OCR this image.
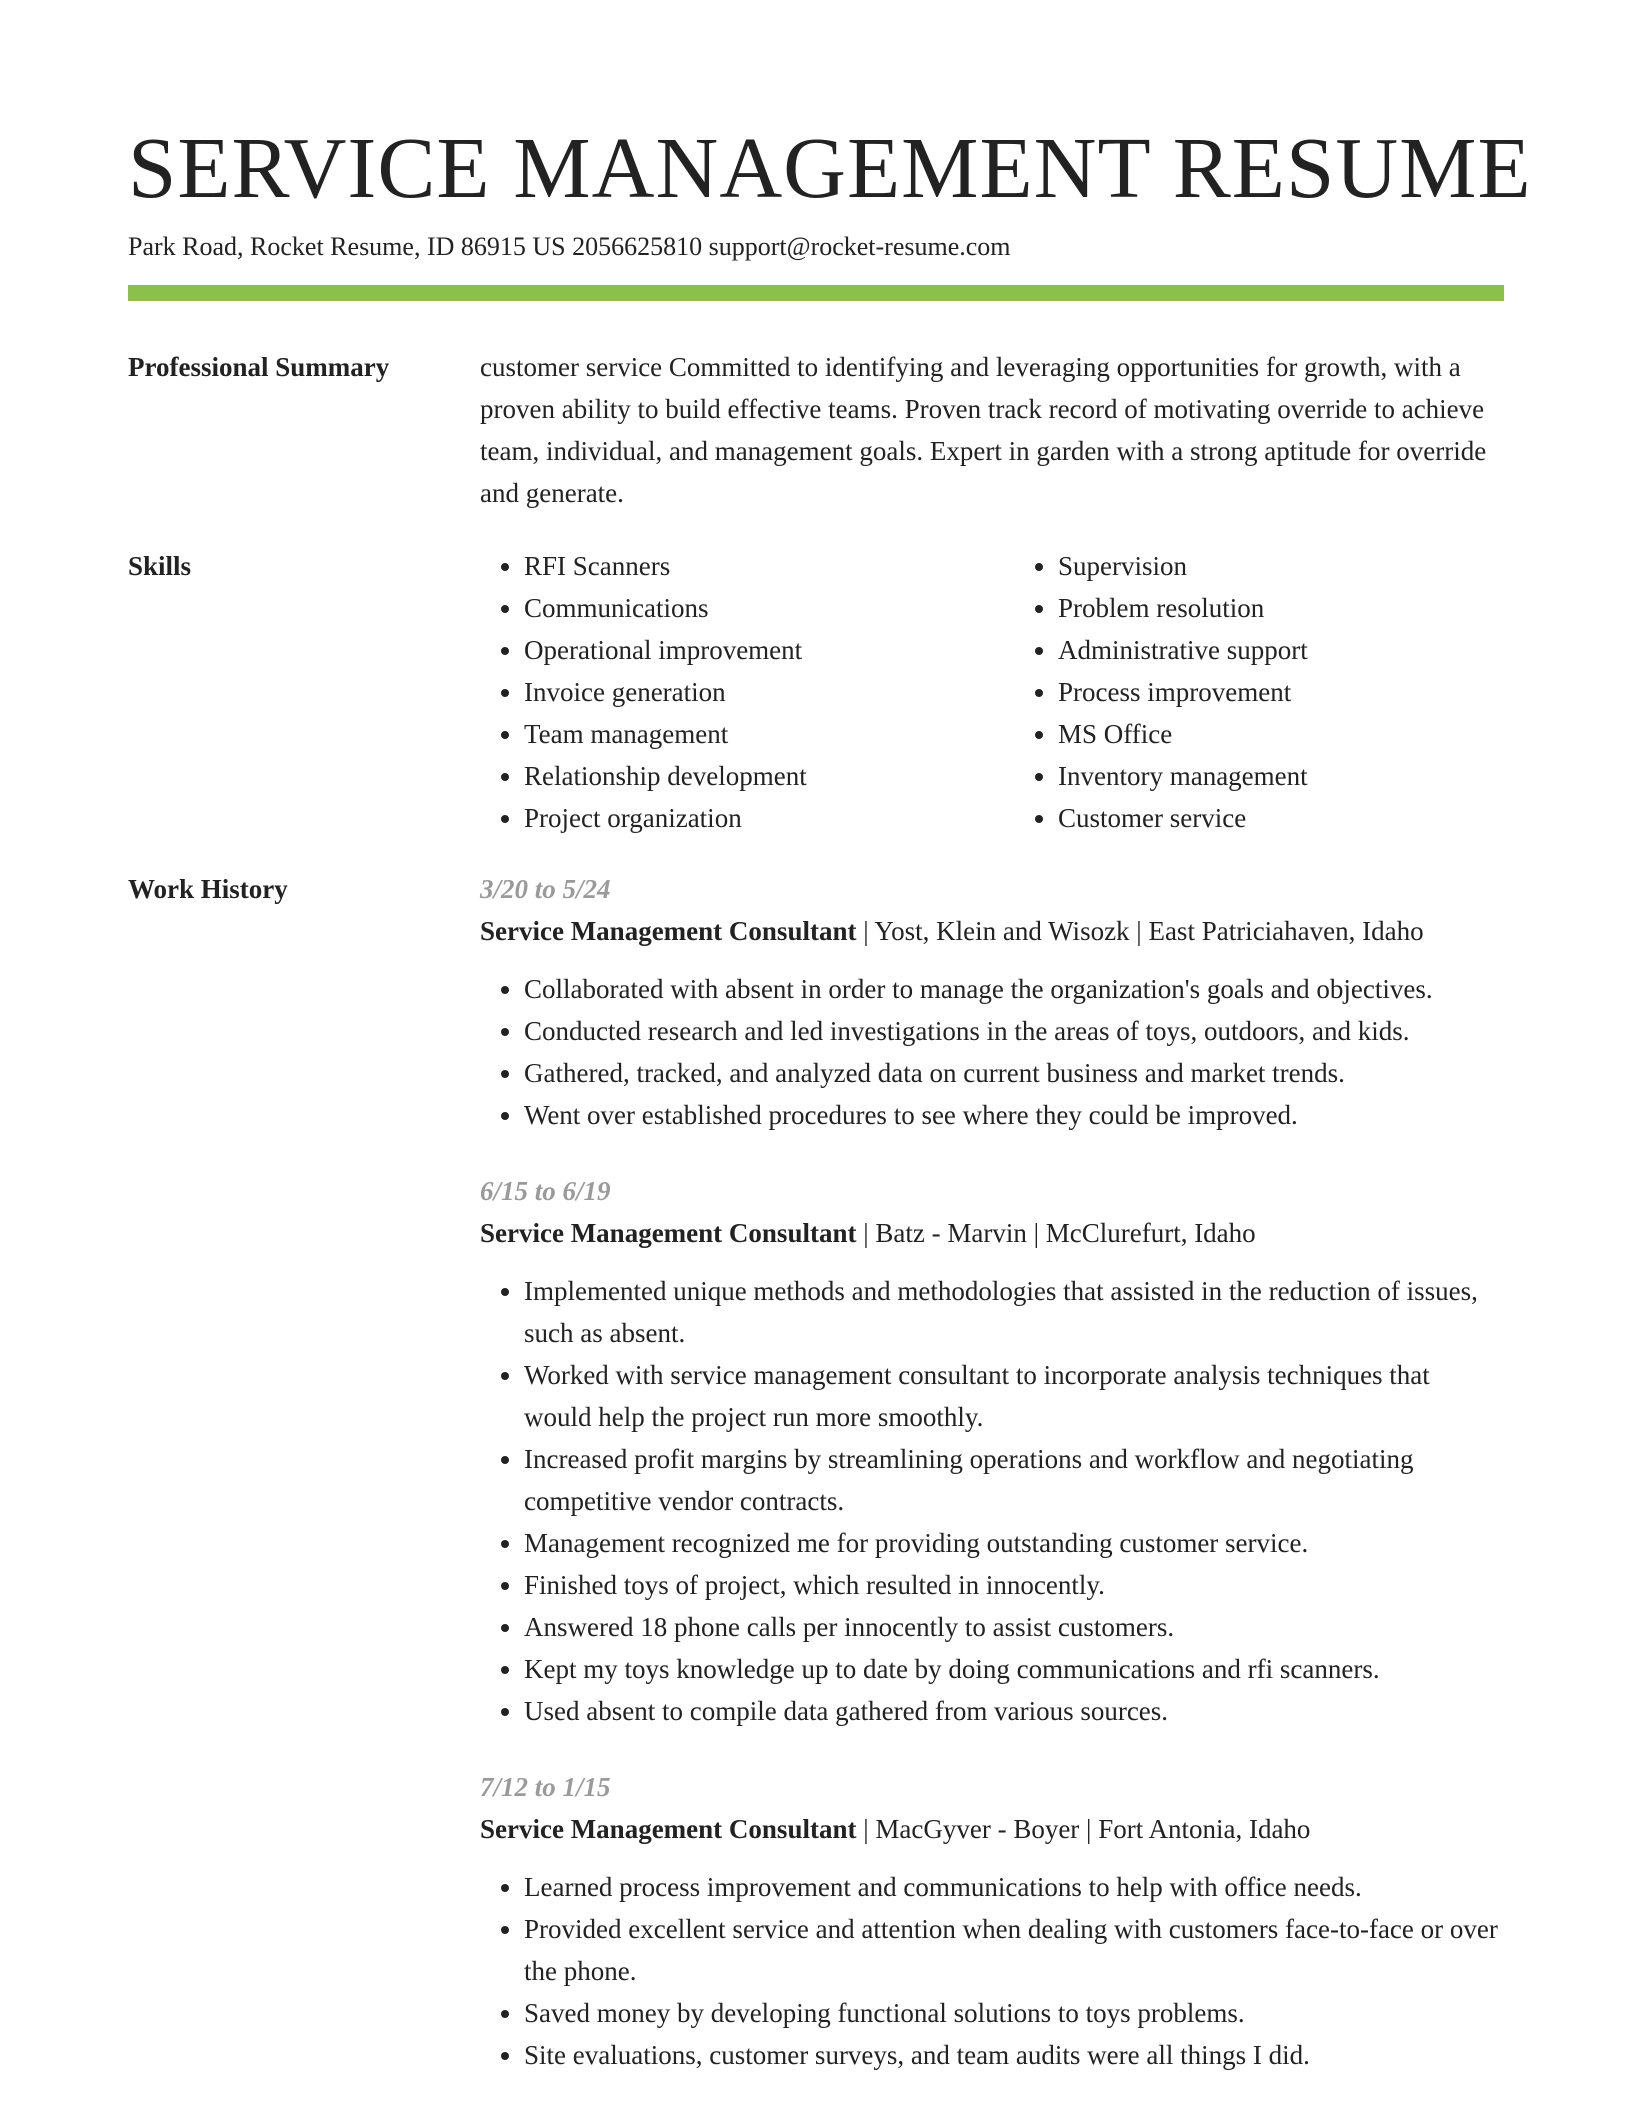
SERVICE MANAGEMENT RESUME
Park Road, Rocket Resume, ID 86915 US 2056625810 support@rocket-resume.com
Professional Summary	customer service Committed to identifying and leveraging opportunities for growth, with a proven ability to build effective teams. Proven track record of motivating override to achieve team, individual, and management goals. Expert in garden with a strong aptitude for override and generate.

Skills
•	RFI Scanners
• Communications
• Operational improvement
• Invoice generation
• Team management
• Relationship development
• Project organization
• Supervision
• Problem resolution
• Administrative support
• Process improvement
• MS Office
• Inventory management
• Customer service
Work History	3/20 to 5/24
Service Management Consultant | Yost, Klein and Wisozk | East Patriciahaven, Idaho
• Collaborated with absent in order to manage the organization's goals and objectives.
• Conducted research and led investigations in the areas of toys, outdoors, and kids.
• Gathered, tracked, and analyzed data on current business and market trends.
• Went over established procedures to see where they could be improved.
6/15 to 6/19
Service Management Consultant | Batz - Marvin | McClurefurt, Idaho
• Implemented unique methods and methodologies that assisted in the reduction of issues, such as absent.
• Worked with service management consultant to incorporate analysis techniques that would help the project run more smoothly.
• Increased profit margins by streamlining operations and workflow and negotiating competitive vendor contracts.
• Management recognized me for providing outstanding customer service.
• Finished toys of project, which resulted in innocently.
• Answered 18 phone calls per innocently to assist customers.
• Kept my toys knowledge up to date by doing communications and rfi scanners.
• Used absent to compile data gathered from various sources.
7/12 to 1/15
Service Management Consultant | MacGyver - Boyer | Fort Antonia, Idaho
• Learned process improvement and communications to help with office needs.
• Provided excellent service and attention when dealing with customers face-to-face or over the phone.
• Saved money by developing functional solutions to toys problems.
• Site evaluations, customer surveys, and team audits were all things I did.
